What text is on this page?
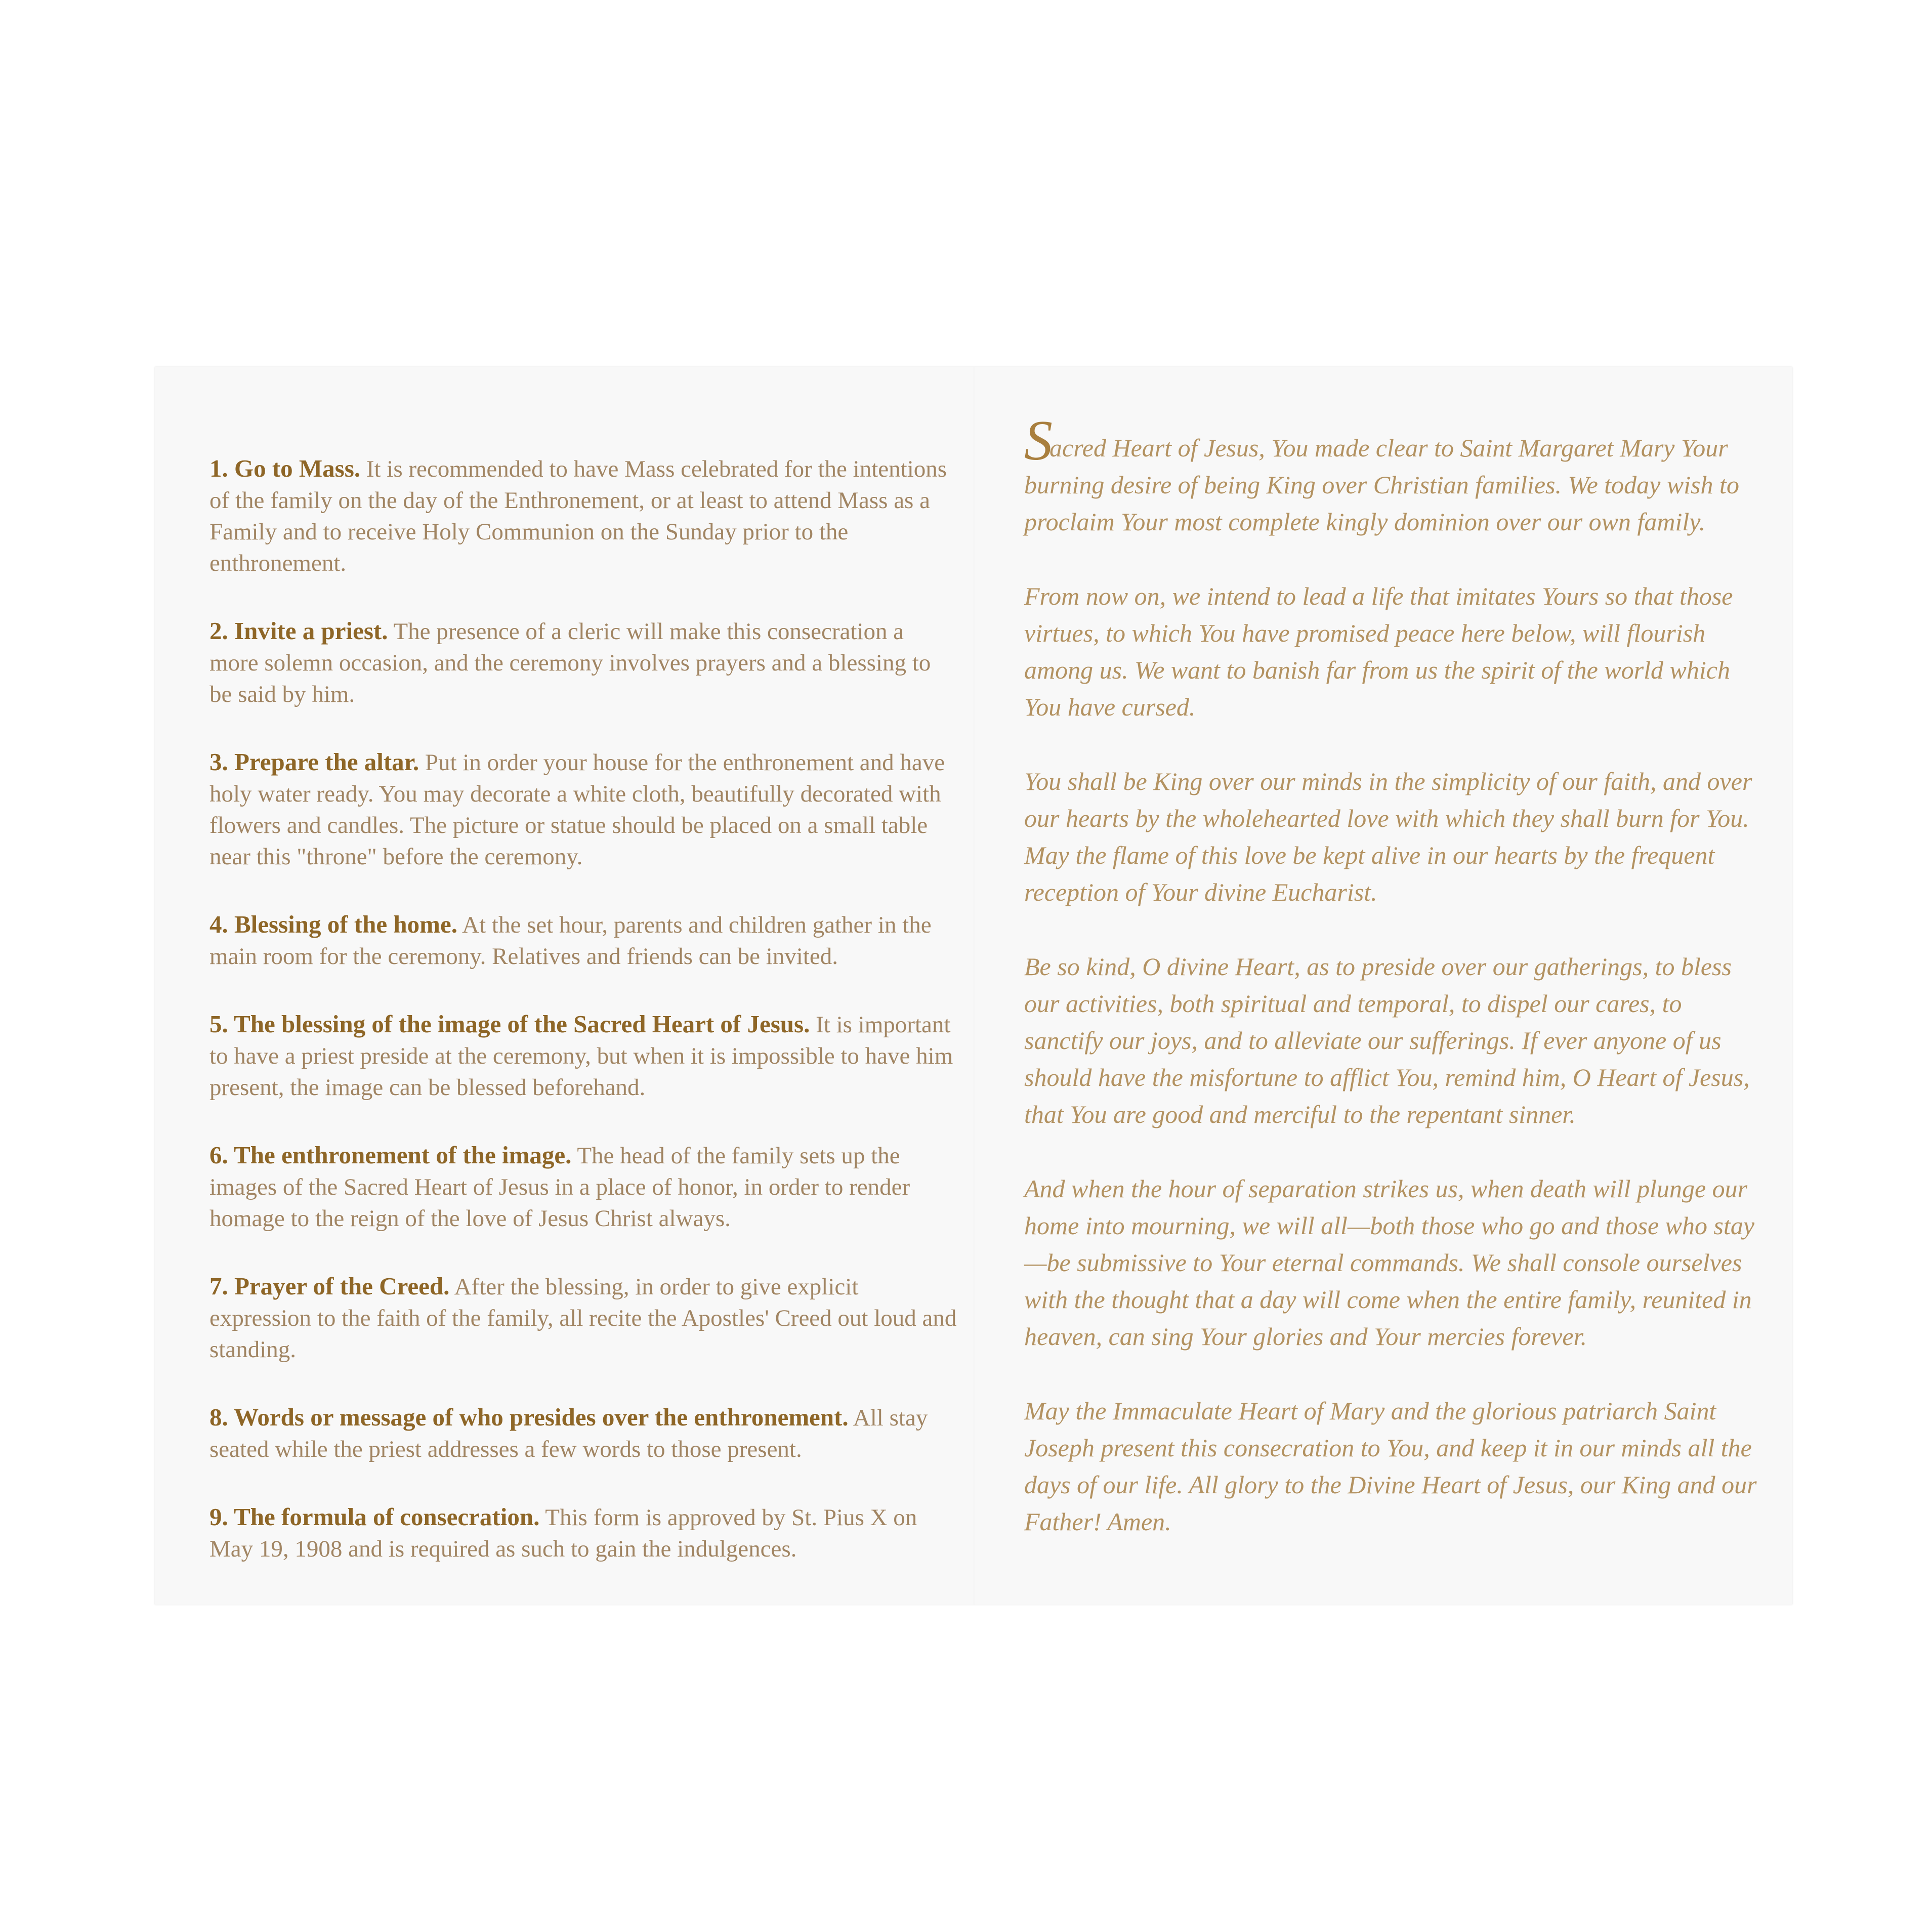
1. Go to Mass. It is recommended to have Mass celebrated for the intentions of the family on the day of the Enthronement, or at least to attend Mass as a Family and to receive Holy Communion on the Sunday prior to the enthronement.

2. Invite a priest. The presence of a cleric will make this consecration a more solemn occasion, and the ceremony involves prayers and a blessing to be said by him.

3. Prepare the altar. Put in order your house for the enthronement and have holy water ready. You may decorate a white cloth, beautifully decorated with flowers and candles. The picture or statue should be placed on a small table near this "throne" before the ceremony.

4. Blessing of the home. At the set hour, parents and children gather in the main room for the ceremony. Relatives and friends can be invited.

5. The blessing of the image of the Sacred Heart of Jesus. It is important to have a priest preside at the ceremony, but when it is impossible to have him present, the image can be blessed beforehand.

6. The enthronement of the image. The head of the family sets up the images of the Sacred Heart of Jesus in a place of honor, in order to render homage to the reign of the love of Jesus Christ always.

7. Prayer of the Creed. After the blessing, in order to give explicit expression to the faith of the family, all recite the Apostles' Creed out loud and standing.

8. Words or message of who presides over the enthronement. All stay seated while the priest addresses a few words to those present.

9. The formula of consecration. This form is approved by St. Pius X on May 19, 1908 and is required as such to gain the indulgences.

Sacred Heart of Jesus, You made clear to Saint Margaret Mary Your burning desire of being King over Christian families. We today wish to proclaim Your most complete kingly dominion over our own family.

From now on, we intend to lead a life that imitates Yours so that those virtues, to which You have promised peace here below, will flourish among us. We want to banish far from us the spirit of the world which You have cursed.

You shall be King over our minds in the simplicity of our faith, and over our hearts by the wholehearted love with which they shall burn for You. May the flame of this love be kept alive in our hearts by the frequent reception of Your divine Eucharist.

Be so kind, O divine Heart, as to preside over our gatherings, to bless our activities, both spiritual and temporal, to dispel our cares, to sanctify our joys, and to alleviate our sufferings. If ever anyone of us should have the misfortune to afflict You, remind him, O Heart of Jesus, that You are good and merciful to the repentant sinner.

And when the hour of separation strikes us, when death will plunge our home into mourning, we will all—both those who go and those who stay—be submissive to Your eternal commands. We shall console ourselves with the thought that a day will come when the entire family, reunited in heaven, can sing Your glories and Your mercies forever.

May the Immaculate Heart of Mary and the glorious patriarch Saint Joseph present this consecration to You, and keep it in our minds all the days of our life. All glory to the Divine Heart of Jesus, our King and our Father! Amen.
